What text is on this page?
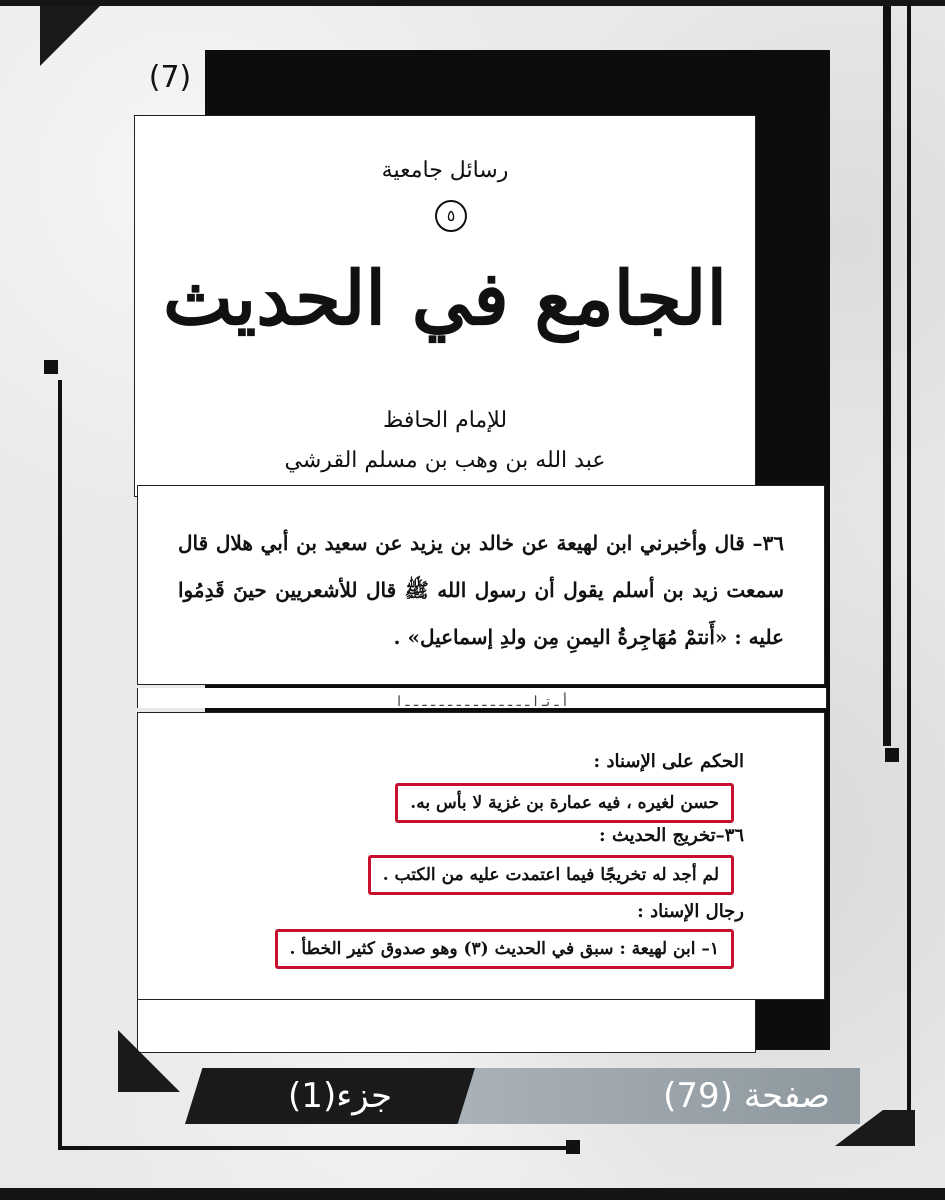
(7)
رسائل جامعية
٥
الجامع في الحديث
للإمام الحافظ
عبد الله بن وهب بن مسلم القرشي
٣٦– قال وأخبرني ابن لهيعة عن خالد بن يزيد عن سعيد بن أبي هلال قال سمعت زيد بن أسلم يقول أن رسول الله ﷺ قال للأشعريين حينَ قَدِمُوا عليه : «أَنتمْ مُهَاجِرةُ اليمنِ مِن ولدِ إسماعيل» .
أ ـ تـ ا ـ ـ ـ ـ ـ ـ ـ ـ ـ ـ ـ ـ ـ ـ ـ ا
الحكم على الإسناد :
حسن لغيره ، فيه عمارة بن غزية لا بأس به.
٣٦–تخريج الحديث :
لم أجد له تخريجًا فيما اعتمدت عليه من الكتب .
رجال الإسناد :
١– ابن لهيعة : سبق في الحديث (٣) وهو صدوق كثير الخطأ .
جزء(1)	صفحة (79)
